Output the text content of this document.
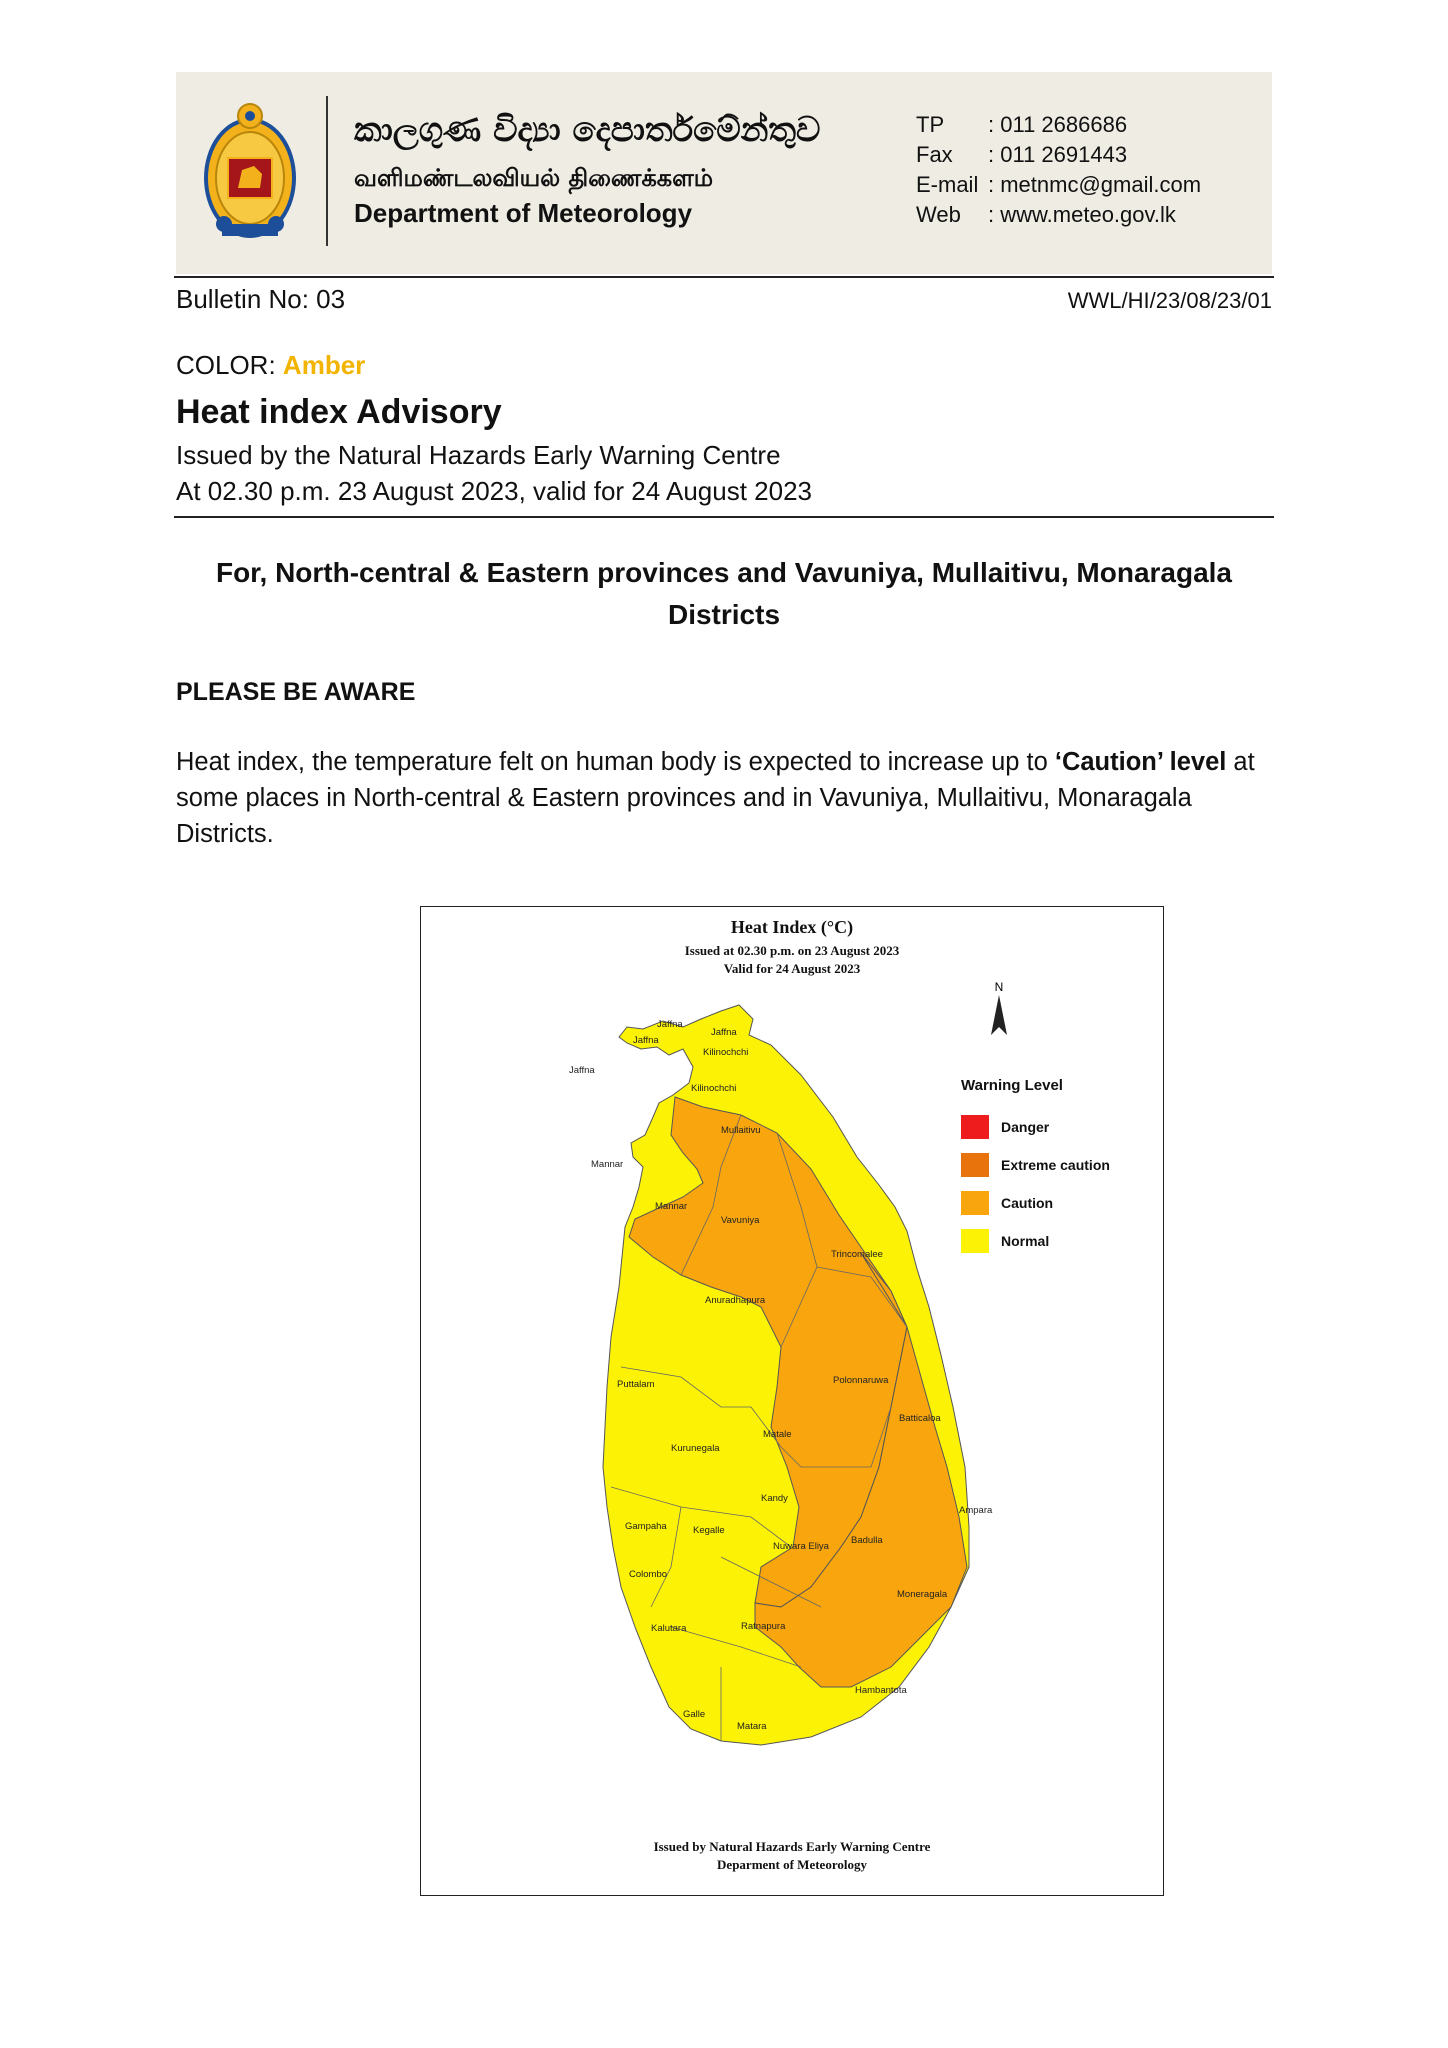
කාලගුණ විද්‍යා දෙපාර්තමේන්තුව
வளிமண்டலவியல் திணைக்களம்
Department of Meteorology
TP	: 011 2686686
Fax	: 011 2691443
E-mail : metnmc@gmail.com
Web	: www.meteo.gov.lk
Bulletin No: 03	WWL/HI/23/08/23/01
COLOR: Amber
Heat index Advisory
Issued by the Natural Hazards Early Warning Centre
At 02.30 p.m. 23 August 2023, valid for 24 August 2023
For, North-central & Eastern provinces and Vavuniya, Mullaitivu, Monaragala Districts
PLEASE BE AWARE
Heat index, the temperature felt on human body is expected to increase up to ‘Caution’ level at some places in North-central & Eastern provinces and in Vavuniya, Mullaitivu, Monaragala Districts.
Heat Index (°C)
Issued at 02.30 p.m. on 23 August 2023
Valid for 24 August 2023
N
Jaffna
Jaffna
Jaffna
Jaffna
Kilinochchi
Kilinochchi
Mullaitivu
Mannar
Mannar
Vavuniya
Trincomalee
Anuradhapura
Puttalam	Polonnaruwa
Batticaloa
Kurunegala
Matale
Kandy
Ampara
Gampaha	Kegalle
Nuwara Eliya
Badulla
Colombo
Moneragala
Kalutara	Ratnapura
Hambantota
Galle
Matara
Warning Level
Danger
Extreme caution
Caution
Normal
Issued by Natural Hazards Early Warning Centre
Deparment of Meteorology
